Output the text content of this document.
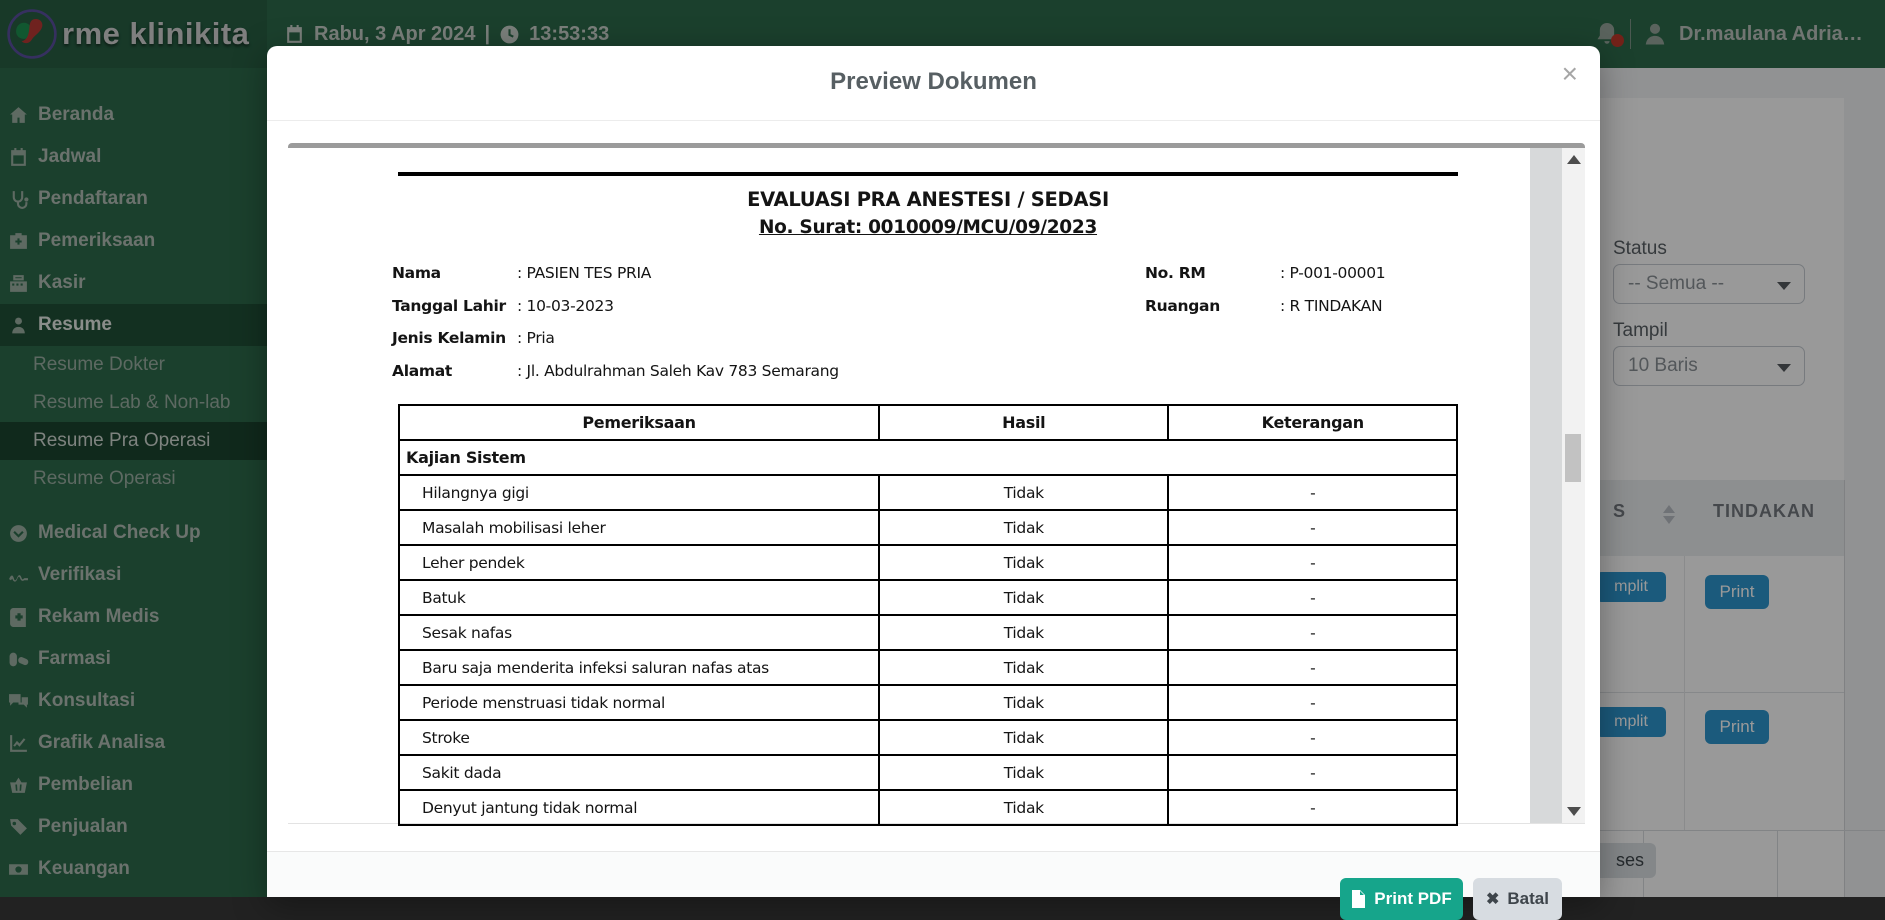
rme klinikita	Rabu, 3 Apr 2024 | 13:53:33	Dr.maulana Adria…
Beranda
Jadwal
Pendaftaran
Pemeriksaan
Kasir
Resume
Resume Dokter
Resume Lab & Non-lab
Resume Pra Operasi
Resume Operasi
Medical Check Up
Verifikasi
Rekam Medis
Farmasi
Konsultasi
Grafik Analisa
Pembelian
Penjualan
Keuangan
Status
-- Semua --
Tampil
10 Baris
S	TINDAKAN
mplit	Print
mplit	Print
ses
Preview Dokumen	×
EVALUASI PRA ANESTESI / SEDASI
No. Surat: 0010009/MCU/09/2023
Nama	: PASIEN TES PRIA
Tanggal Lahir : 10-03-2023
Jenis Kelamin : Pria
Alamat	: Jl. Abdulrahman Saleh Kav 783 Semarang
No. RM	: P-001-00001
Ruangan	: R TINDAKAN
Pemeriksaan	Hasil	Keterangan
Kajian Sistem		
Hilangnya gigi	Tidak	-
Masalah mobilisasi leher	Tidak	-
Leher pendek	Tidak	-
Batuk	Tidak	-
Sesak nafas	Tidak	-
Baru saja menderita infeksi saluran nafas atas	Tidak	-
Periode menstruasi tidak normal	Tidak	-
Stroke	Tidak	-
Sakit dada	Tidak	-
Denyut jantung tidak normal	Tidak	-
Print PDF ✖ Batal
